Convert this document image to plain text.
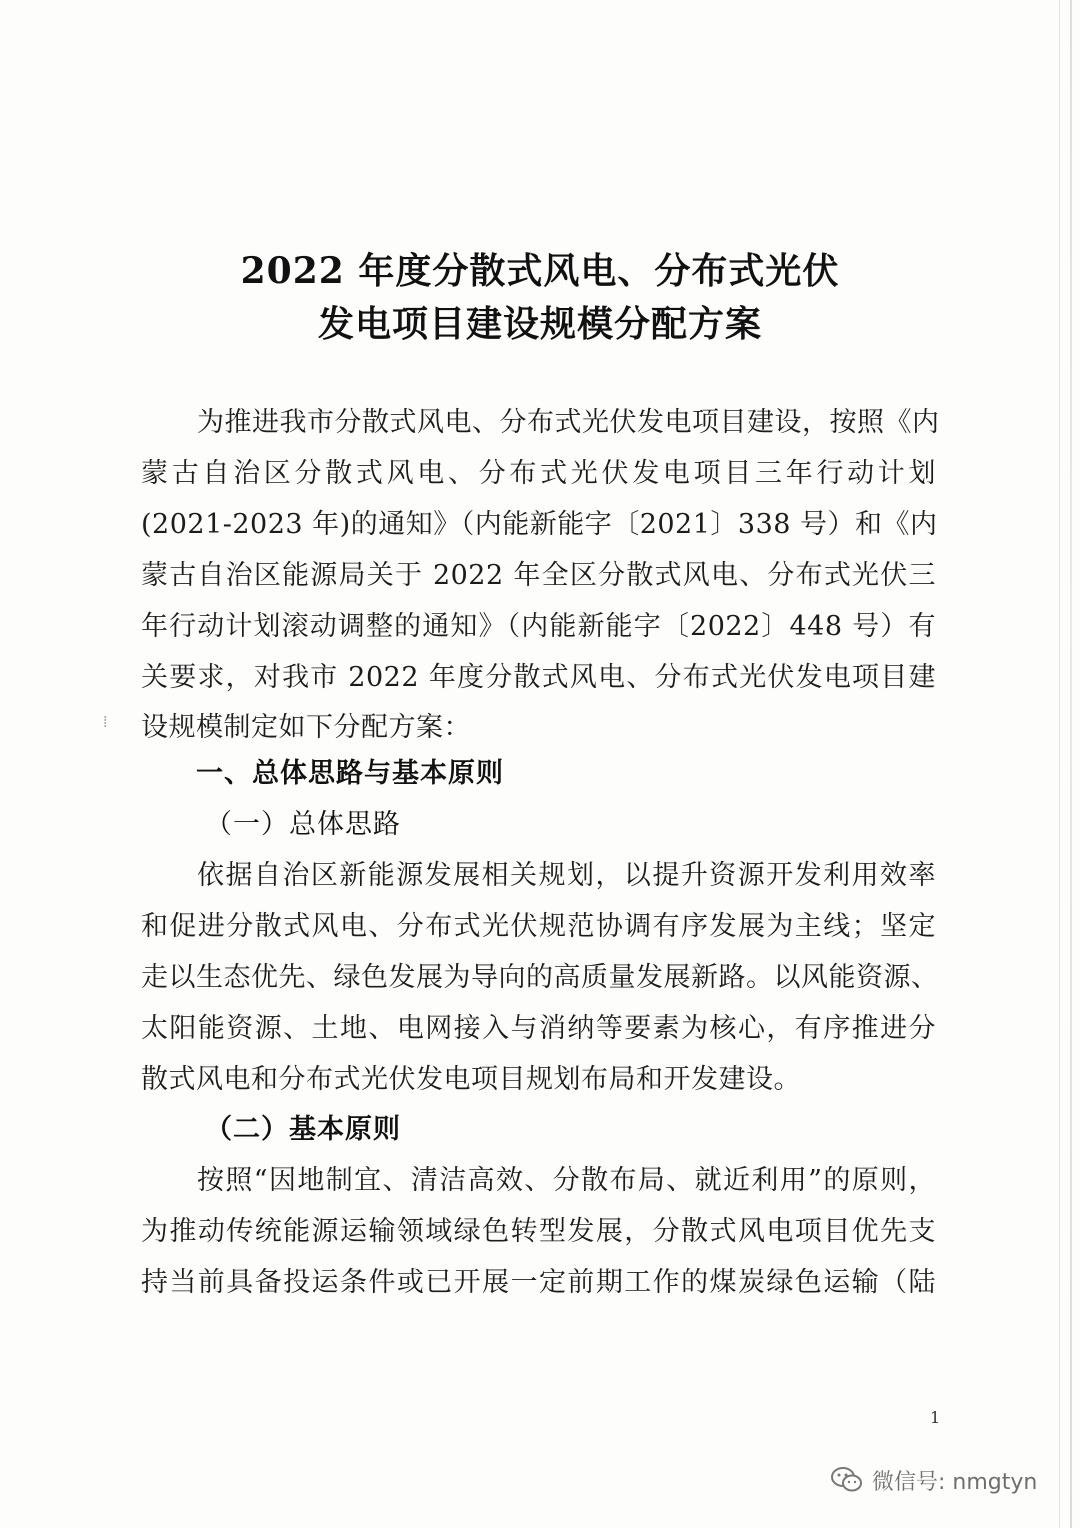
2022 年度分散式风电、分布式光伏
发电项目建设规模分配方案
⁞
为推进我市分散式风电、分布式光伏发电项目建设，按照《内
蒙古自治区分散式风电、分布式光伏发电项目三年行动计划
(2021-2023 年)的通知》（内能新能字〔2021〕338 号）和《内
蒙古自治区能源局关于 2022 年全区分散式风电、分布式光伏三
年行动计划滚动调整的通知》（内能新能字〔2022〕448 号）有
关要求，对我市 2022 年度分散式风电、分布式光伏发电项目建
设规模制定如下分配方案：
一、总体思路与基本原则
（一）总体思路
依据自治区新能源发展相关规划，以提升资源开发利用效率
和促进分散式风电、分布式光伏规范协调有序发展为主线；坚定
走以生态优先、绿色发展为导向的高质量发展新路。以风能资源、
太阳能资源、土地、电网接入与消纳等要素为核心，有序推进分
散式风电和分布式光伏发电项目规划布局和开发建设。
（二）基本原则
按照“因地制宜、清洁高效、分散布局、就近利用”的原则，
为推动传统能源运输领域绿色转型发展，分散式风电项目优先支
持当前具备投运条件或已开展一定前期工作的煤炭绿色运输（陆
1
微信号: nmgtyn
